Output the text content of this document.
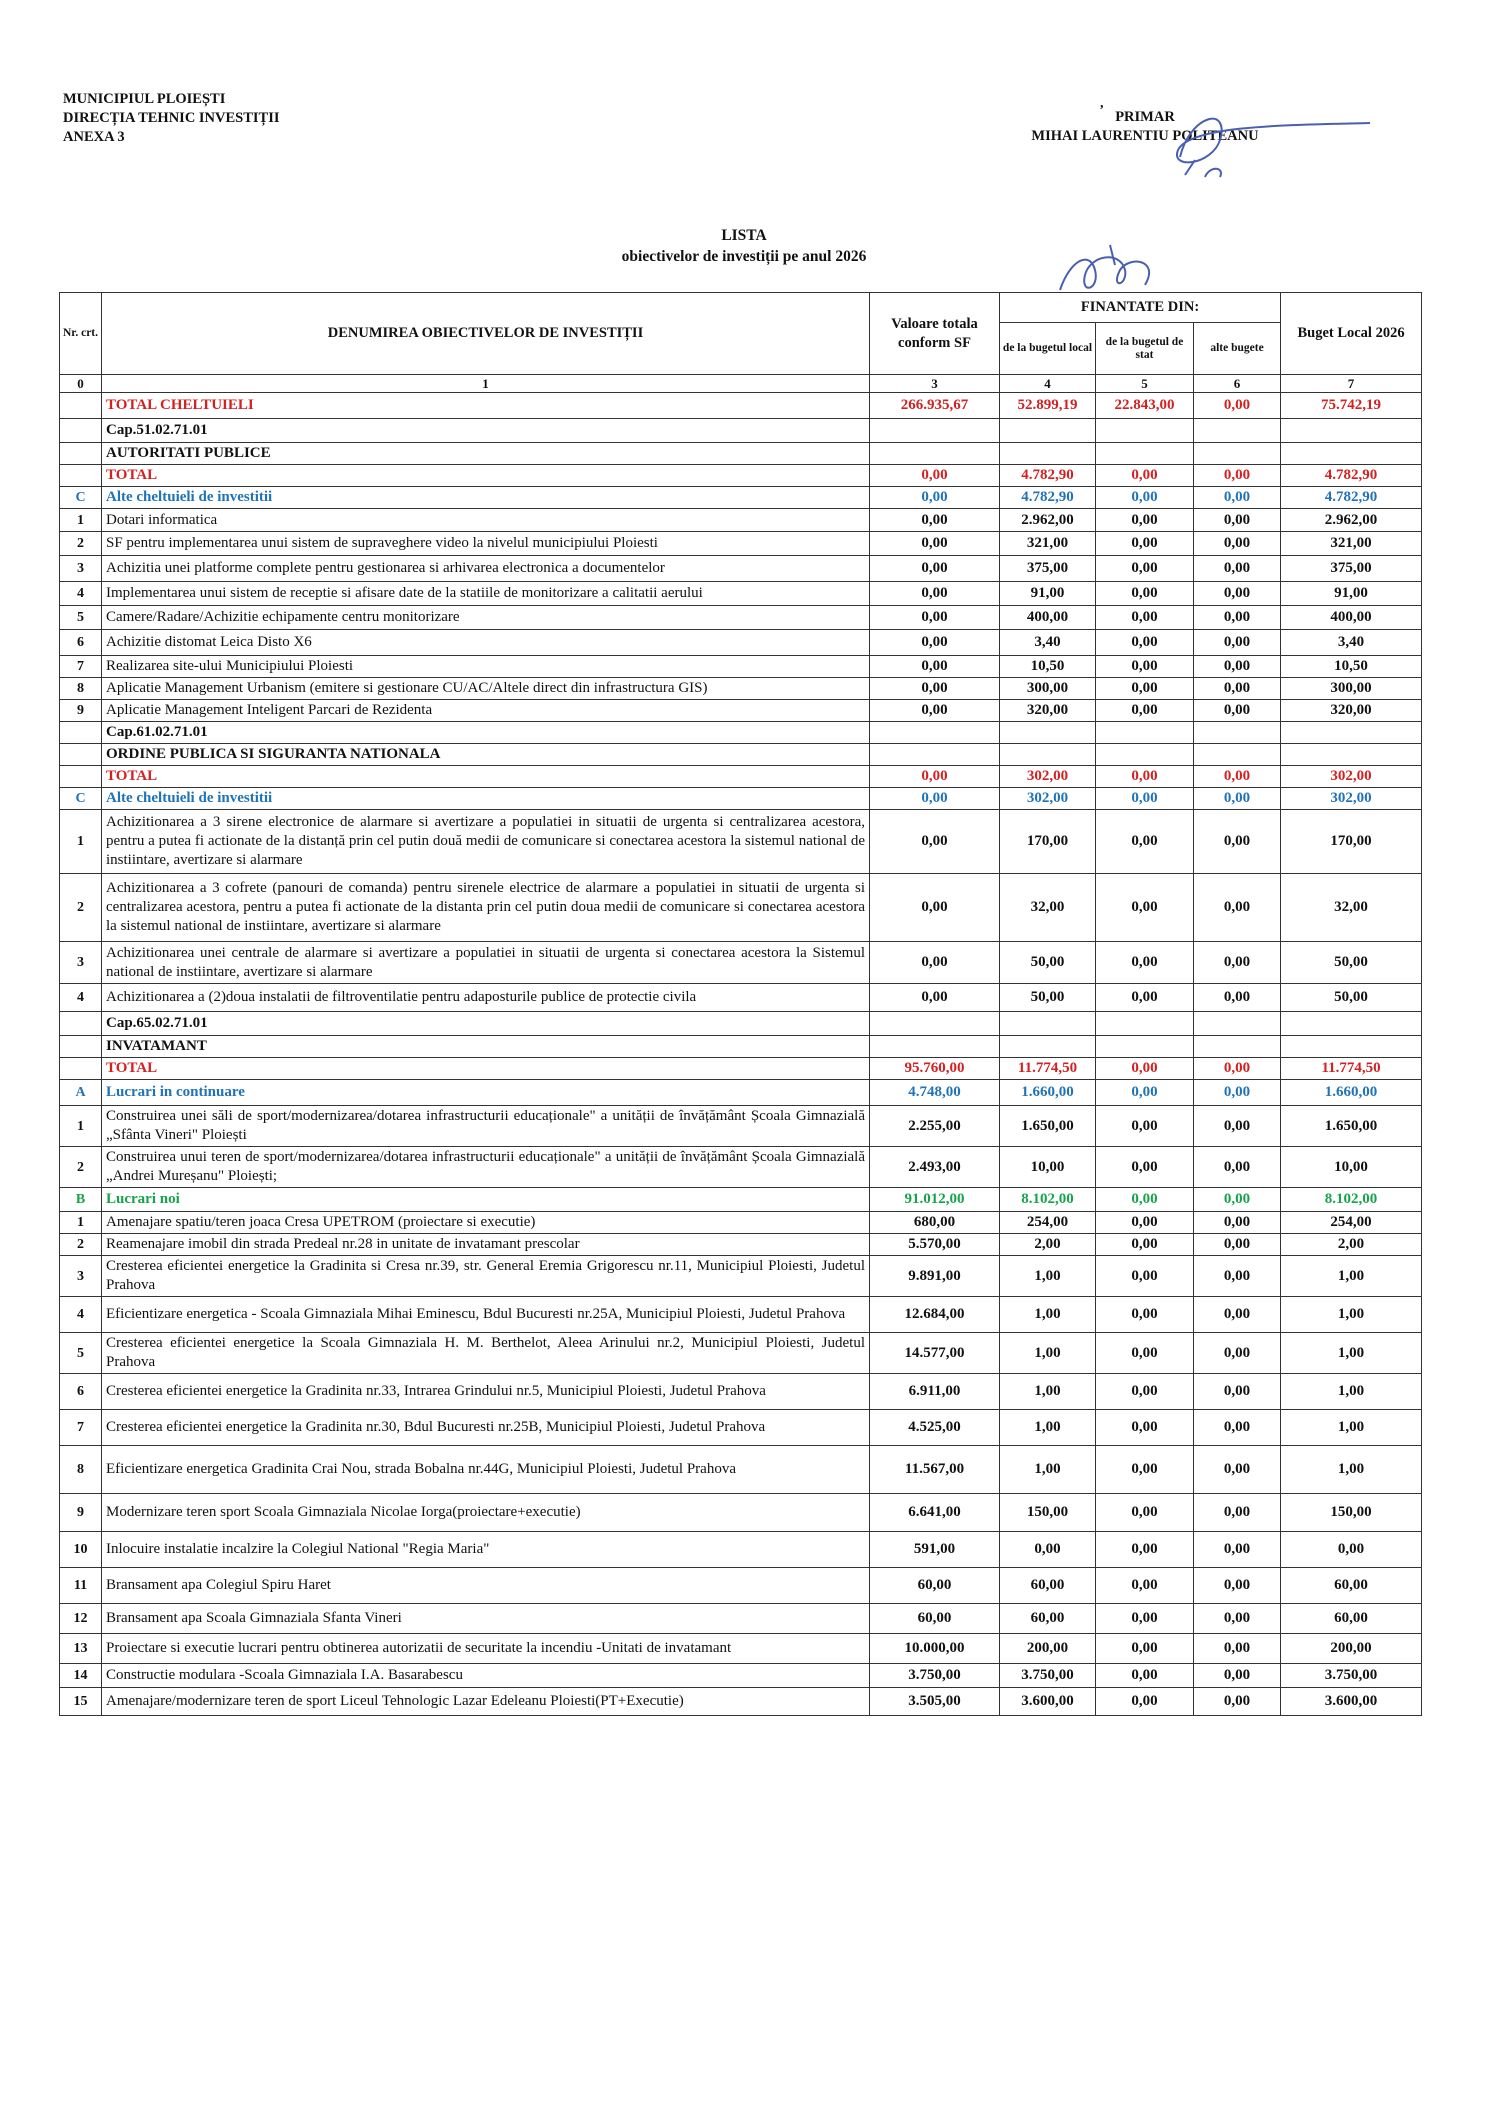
MUNICIPIUL PLOIEȘTI
DIRECȚIA TEHNIC INVESTIȚII
ANEXA 3
,
PRIMAR
MIHAI LAURENTIU POLITEANU
LISTA
obiectivelor de investiții pe anul 2026
Nr. crt.	DENUMIREA OBIECTIVELOR DE INVESTIȚII	Valoare totala conform SF	FINANTATE DIN:			Buget Local 2026
			de la bugetul local	de la bugetul de stat	alte bugete	
0	1	3	4	5	6	7
	TOTAL CHELTUIELI	266.935,67	52.899,19	22.843,00	0,00	75.742,19
	Cap.51.02.71.01					
	AUTORITATI PUBLICE					
	TOTAL	0,00	4.782,90	0,00	0,00	4.782,90
C	Alte cheltuieli de investitii	0,00	4.782,90	0,00	0,00	4.782,90
1	Dotari informatica	0,00	2.962,00	0,00	0,00	2.962,00
2	SF pentru implementarea unui sistem de supraveghere video la nivelul municipiului Ploiesti	0,00	321,00	0,00	0,00	321,00
3	Achizitia unei platforme complete pentru gestionarea si arhivarea electronica a documentelor	0,00	375,00	0,00	0,00	375,00
4	Implementarea unui sistem de receptie si afisare date de la statiile de monitorizare a calitatii aerului	0,00	91,00	0,00	0,00	91,00
5	Camere/Radare/Achizitie echipamente centru monitorizare	0,00	400,00	0,00	0,00	400,00
6	Achizitie distomat Leica Disto X6	0,00	3,40	0,00	0,00	3,40
7	Realizarea site-ului Municipiului Ploiesti	0,00	10,50	0,00	0,00	10,50
8	Aplicatie Management Urbanism (emitere si gestionare CU/AC/Altele direct din infrastructura GIS)	0,00	300,00	0,00	0,00	300,00
9	Aplicatie Management Inteligent Parcari de Rezidenta	0,00	320,00	0,00	0,00	320,00
	Cap.61.02.71.01					
	ORDINE PUBLICA SI SIGURANTA NATIONALA					
	TOTAL	0,00	302,00	0,00	0,00	302,00
C	Alte cheltuieli de investitii	0,00	302,00	0,00	0,00	302,00
1	Achizitionarea a 3 sirene electronice de alarmare si avertizare a populatiei in situatii de urgenta si centralizarea acestora, pentru a putea fi actionate de la distanță prin cel putin două medii de comunicare si conectarea acestora la sistemul national de instiintare, avertizare si alarmare	0,00	170,00	0,00	0,00	170,00
2	Achizitionarea a 3 cofrete (panouri de comanda) pentru sirenele electrice de alarmare a populatiei in situatii de urgenta si centralizarea acestora, pentru a putea fi actionate de la distanta prin cel putin doua medii de comunicare si conectarea acestora la sistemul national de instiintare, avertizare si alarmare	0,00	32,00	0,00	0,00	32,00
3	Achizitionarea unei centrale de alarmare si avertizare a populatiei in situatii de urgenta si conectarea acestora la Sistemul national de instiintare, avertizare si alarmare	0,00	50,00	0,00	0,00	50,00
4	Achizitionarea a (2)doua instalatii de filtroventilatie pentru adaposturile publice de protectie civila	0,00	50,00	0,00	0,00	50,00
	Cap.65.02.71.01					
	INVATAMANT					
	TOTAL	95.760,00	11.774,50	0,00	0,00	11.774,50
A	Lucrari in continuare	4.748,00	1.660,00	0,00	0,00	1.660,00
1	Construirea unei săli de sport/modernizarea/dotarea infrastructurii educaționale" a unității de învățământ Școala Gimnazială „Sfânta Vineri" Ploiești	2.255,00	1.650,00	0,00	0,00	1.650,00
2	Construirea unui teren de sport/modernizarea/dotarea infrastructurii educaționale" a unității de învățământ Școala Gimnazială „Andrei Mureșanu" Ploiești;	2.493,00	10,00	0,00	0,00	10,00
B	Lucrari noi	91.012,00	8.102,00	0,00	0,00	8.102,00
1	Amenajare spatiu/teren joaca Cresa UPETROM (proiectare si executie)	680,00	254,00	0,00	0,00	254,00
2	Reamenajare imobil din strada Predeal nr.28 in unitate de invatamant prescolar	5.570,00	2,00	0,00	0,00	2,00
3	Cresterea eficientei energetice la Gradinita si Cresa nr.39, str. General Eremia Grigorescu nr.11, Municipiul Ploiesti, Judetul Prahova	9.891,00	1,00	0,00	0,00	1,00
4	Eficientizare energetica - Scoala Gimnaziala Mihai Eminescu, Bdul Bucuresti nr.25A, Municipiul Ploiesti, Judetul Prahova	12.684,00	1,00	0,00	0,00	1,00
5	Cresterea eficientei energetice la Scoala Gimnaziala H. M. Berthelot, Aleea Arinului nr.2, Municipiul Ploiesti, Judetul Prahova	14.577,00	1,00	0,00	0,00	1,00
6	Cresterea eficientei energetice la Gradinita nr.33, Intrarea Grindului nr.5, Municipiul Ploiesti, Judetul Prahova	6.911,00	1,00	0,00	0,00	1,00
7	Cresterea eficientei energetice la Gradinita nr.30, Bdul Bucuresti nr.25B, Municipiul Ploiesti, Judetul Prahova	4.525,00	1,00	0,00	0,00	1,00
8	Eficientizare energetica Gradinita Crai Nou, strada Bobalna nr.44G, Municipiul Ploiesti, Judetul Prahova	11.567,00	1,00	0,00	0,00	1,00
9	Modernizare teren sport Scoala Gimnaziala Nicolae Iorga(proiectare+executie)	6.641,00	150,00	0,00	0,00	150,00
10	Inlocuire instalatie incalzire la Colegiul National "Regia Maria"	591,00	0,00	0,00	0,00	0,00
11	Bransament apa Colegiul Spiru Haret	60,00	60,00	0,00	0,00	60,00
12	Bransament apa Scoala Gimnaziala Sfanta Vineri	60,00	60,00	0,00	0,00	60,00
13	Proiectare si executie lucrari pentru obtinerea autorizatii de securitate la incendiu -Unitati de invatamant	10.000,00	200,00	0,00	0,00	200,00
14	Constructie modulara -Scoala Gimnaziala I.A. Basarabescu	3.750,00	3.750,00	0,00	0,00	3.750,00
15	Amenajare/modernizare teren de sport Liceul Tehnologic Lazar Edeleanu Ploiesti(PT+Executie)	3.505,00	3.600,00	0,00	0,00	3.600,00
